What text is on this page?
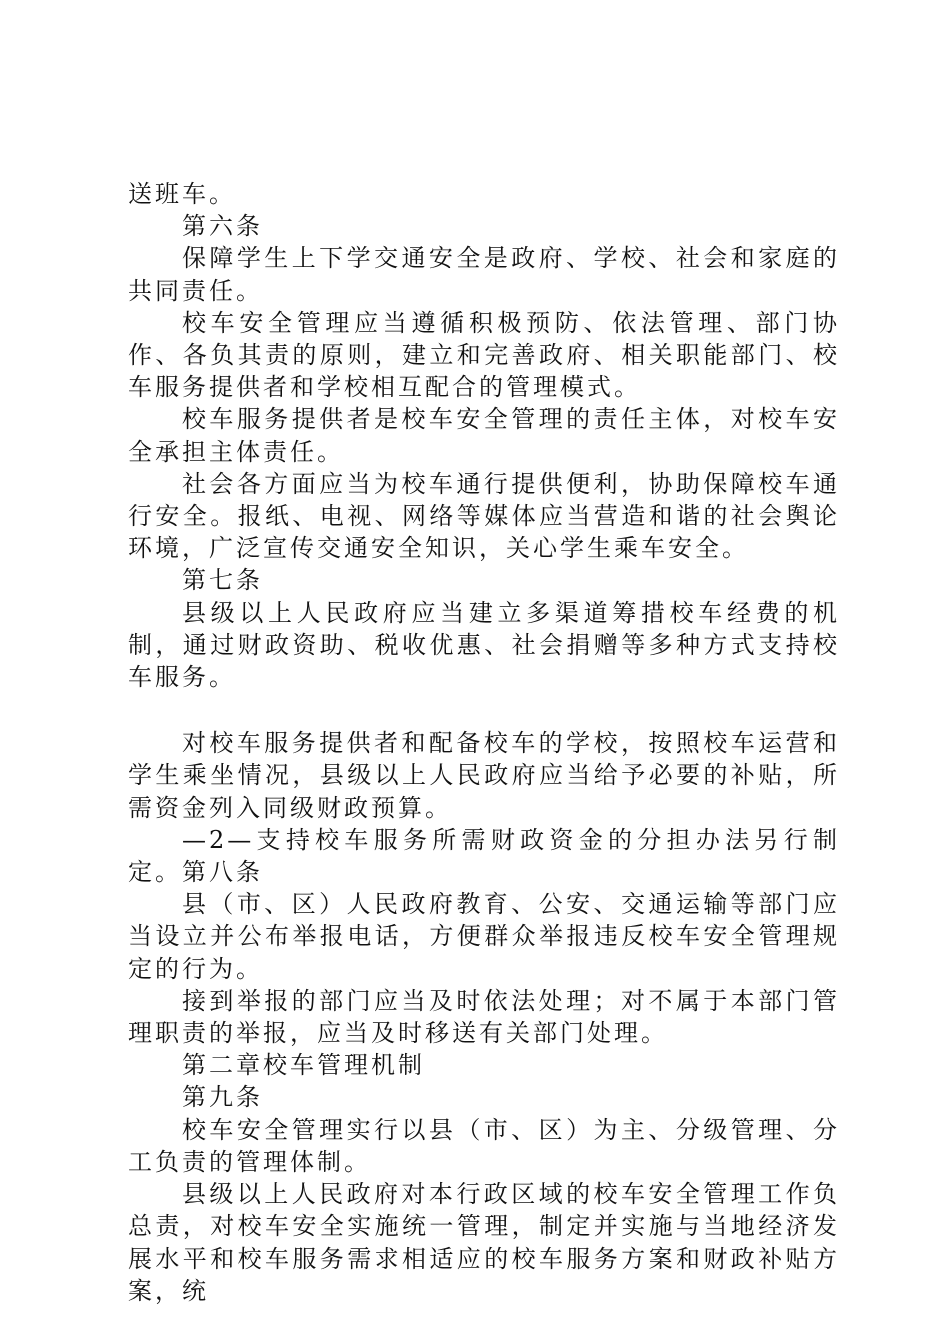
送班车。

第六条

保障学生上下学交通安全是政府、学校、社会和家庭的共同责任。

校车安全管理应当遵循积极预防、依法管理、部门协作、各负其责的原则，建立和完善政府、相关职能部门、校车服务提供者和学校相互配合的管理模式。

校车服务提供者是校车安全管理的责任主体，对校车安全承担主体责任。

社会各方面应当为校车通行提供便利，协助保障校车通行安全。报纸、电视、网络等媒体应当营造和谐的社会舆论环境，广泛宣传交通安全知识，关心学生乘车安全。

第七条

县级以上人民政府应当建立多渠道筹措校车经费的机制，通过财政资助、税收优惠、社会捐赠等多种方式支持校车服务。

对校车服务提供者和配备校车的学校，按照校车运营和学生乘坐情况，县级以上人民政府应当给予必要的补贴，所需资金列入同级财政预算。

—2—支持校车服务所需财政资金的分担办法另行制定。第八条

县（市、区）人民政府教育、公安、交通运输等部门应当设立并公布举报电话，方便群众举报违反校车安全管理规定的行为。

接到举报的部门应当及时依法处理；对不属于本部门管理职责的举报，应当及时移送有关部门处理。

第二章校车管理机制

第九条

校车安全管理实行以县（市、区）为主、分级管理、分工负责的管理体制。

县级以上人民政府对本行政区域的校车安全管理工作负总责，对校车安全实施统一管理，制定并实施与当地经济发展水平和校车服务需求相适应的校车服务方案和财政补贴方案，统
